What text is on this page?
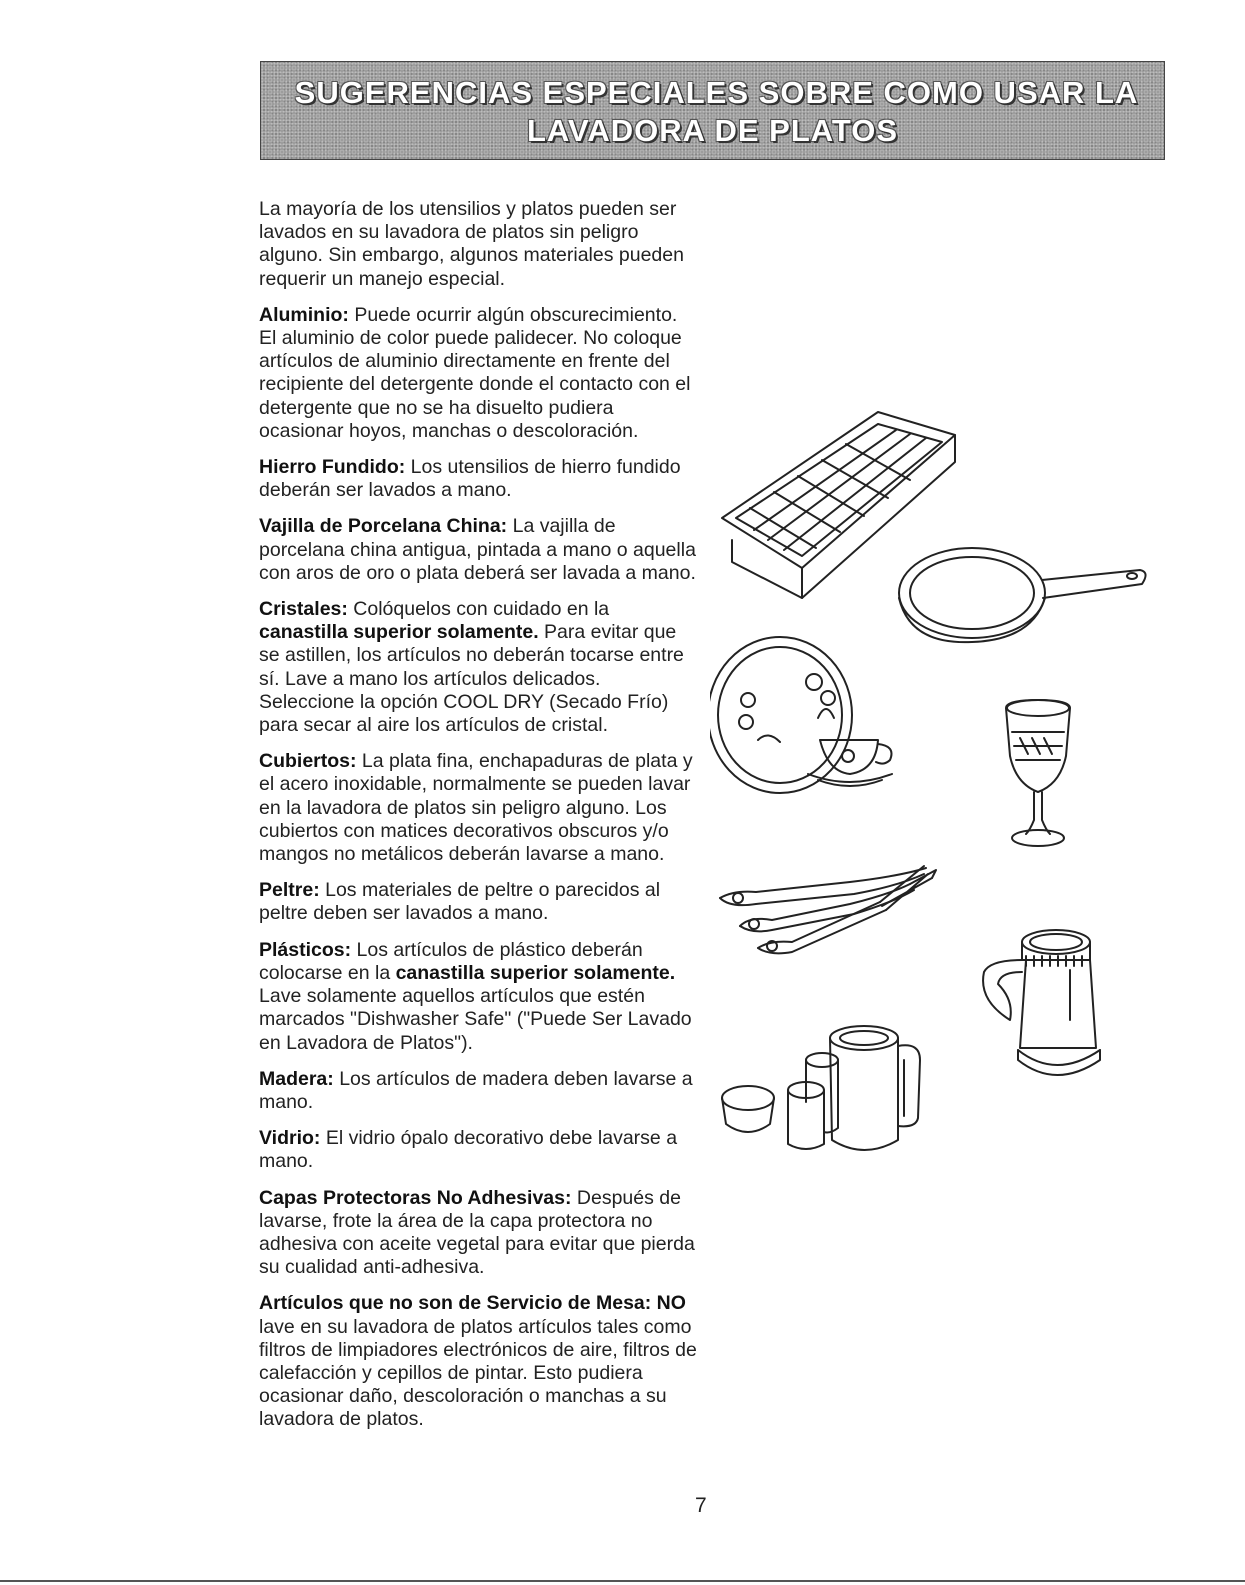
SUGERENCIAS ESPECIALES SOBRE COMO USAR LA
LAVADORA DE PLATOS

La mayoría de los utensilios y platos pueden ser lavados en su lavadora de platos sin peligro alguno. Sin embargo, algunos materiales pueden requerir un manejo especial.

Aluminio: Puede ocurrir algún obscurecimiento. El aluminio de color puede palidecer. No coloque artículos de aluminio directamente en frente del recipiente del detergente donde el contacto con el detergente que no se ha disuelto pudiera ocasionar hoyos, manchas o descoloración.

Hierro Fundido: Los utensilios de hierro fundido deberán ser lavados a mano.

Vajilla de Porcelana China: La vajilla de porcelana china antigua, pintada a mano o aquella con aros de oro o plata deberá ser lavada a mano.

Cristales: Colóquelos con cuidado en la canastilla superior solamente. Para evitar que se astillen, los artículos no deberán tocarse entre sí. Lave a mano los artículos delicados. Seleccione la opción COOL DRY (Secado Frío) para secar al aire los artículos de cristal.

Cubiertos: La plata fina, enchapaduras de plata y el acero inoxidable, normalmente se pueden lavar en la lavadora de platos sin peligro alguno. Los cubiertos con matices decorativos obscuros y/o mangos no metálicos deberán lavarse a mano.

Peltre: Los materiales de peltre o parecidos al peltre deben ser lavados a mano.

Plásticos: Los artículos de plástico deberán colocarse en la canastilla superior solamente. Lave solamente aquellos artículos que estén marcados "Dishwasher Safe" ("Puede Ser Lavado en Lavadora de Platos").

Madera: Los artículos de madera deben lavarse a mano.

Vidrio: El vidrio ópalo decorativo debe lavarse a mano.

Capas Protectoras No Adhesivas: Después de lavarse, frote la área de la capa protectora no adhesiva con aceite vegetal para evitar que pierda su cualidad anti-adhesiva.

Artículos que no son de Servicio de Mesa: NO lave en su lavadora de platos artículos tales como filtros de limpiadores electrónicos de aire, filtros de calefacción y cepillos de pintar. Esto pudiera ocasionar daño, descoloración o manchas a su lavadora de platos.

7
